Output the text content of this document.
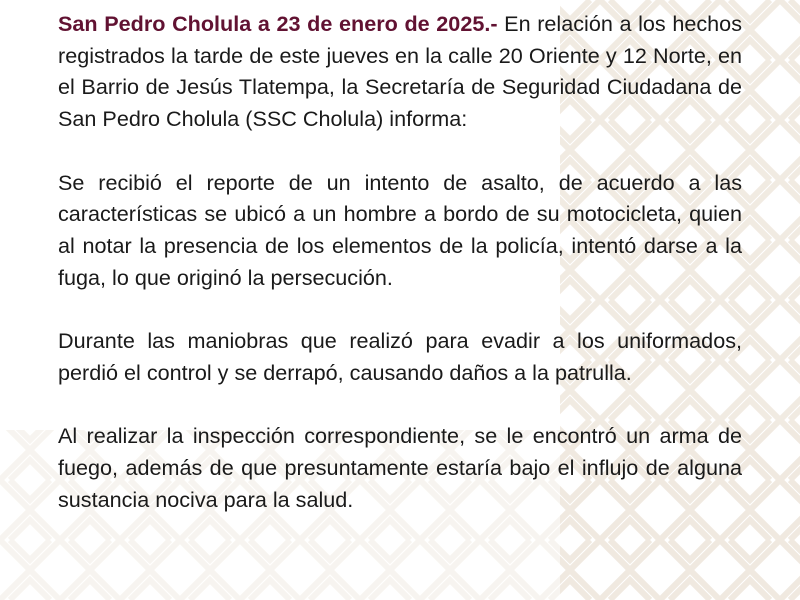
San Pedro Cholula a 23 de enero de 2025.- En relación a los hechos registrados la tarde de este jueves en la calle 20 Oriente y 12 Norte, en el Barrio de Jesús Tlatempa, la Secretaría de Seguridad Ciudadana de San Pedro Cholula (SSC Cholula) informa:

Se recibió el reporte de un intento de asalto, de acuerdo a las características se ubicó a un hombre a bordo de su motocicleta, quien al notar la presencia de los elementos de la policía, intentó darse a la fuga, lo que originó la persecución.

Durante las maniobras que realizó para evadir a los uniformados, perdió el control y se derrapó, causando daños a la patrulla.

Al realizar la inspección correspondiente, se le encontró un arma de fuego, además de que presuntamente estaría bajo el influjo de alguna sustancia nociva para la salud.
